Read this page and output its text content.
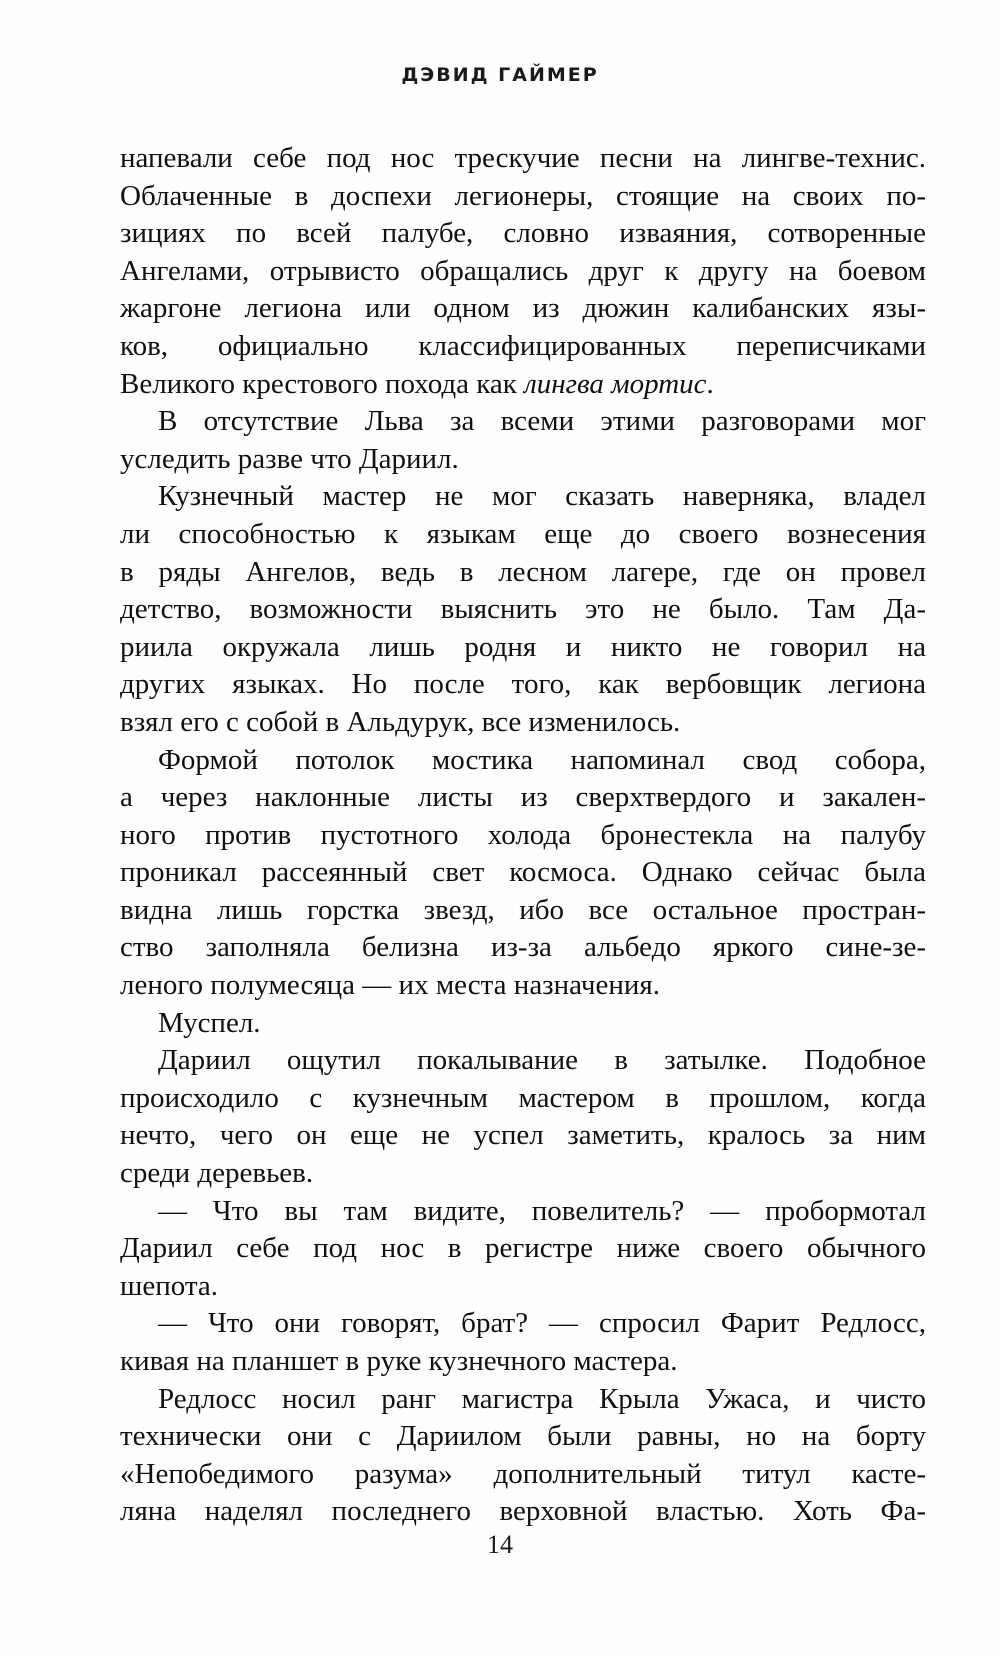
ДЭВИД ГАЙМЕР
напевали себе под нос трескучие песни на лингве-технис.
Облаченные в доспехи легионеры, стоящие на своих по-
зициях по всей палубе, словно изваяния, сотворенные
Ангелами, отрывисто обращались друг к другу на боевом
жаргоне легиона или одном из дюжин калибанских язы-
ков, официально классифицированных переписчиками
Великого крестового похода как лингва мортис.
В отсутствие Льва за всеми этими разговорами мог
уследить разве что Дариил.
Кузнечный мастер не мог сказать наверняка, владел
ли способностью к языкам еще до своего вознесения
в ряды Ангелов, ведь в лесном лагере, где он провел
детство, возможности выяснить это не было. Там Да-
риила окружала лишь родня и никто не говорил на
других языках. Но после того, как вербовщик легиона
взял его с собой в Альдурук, все изменилось.
Формой потолок мостика напоминал свод собора,
а через наклонные листы из сверхтвердого и закален-
ного против пустотного холода бронестекла на палубу
проникал рассеянный свет космоса. Однако сейчас была
видна лишь горстка звезд, ибо все остальное простран-
ство заполняла белизна из-за альбедо яркого сине-зе-
леного полумесяца — их места назначения.
Муспел.
Дариил ощутил покалывание в затылке. Подобное
происходило с кузнечным мастером в прошлом, когда
нечто, чего он еще не успел заметить, кралось за ним
среди деревьев.
— Что вы там видите, повелитель? — пробормотал
Дариил себе под нос в регистре ниже своего обычного
шепота.
— Что они говорят, брат? — спросил Фарит Редлосс,
кивая на планшет в руке кузнечного мастера.
Редлосс носил ранг магистра Крыла Ужаса, и чисто
технически они с Дариилом были равны, но на борту
«Непобедимого разума» дополнительный титул касте-
ляна наделял последнего верховной властью. Хоть Фа-
14
